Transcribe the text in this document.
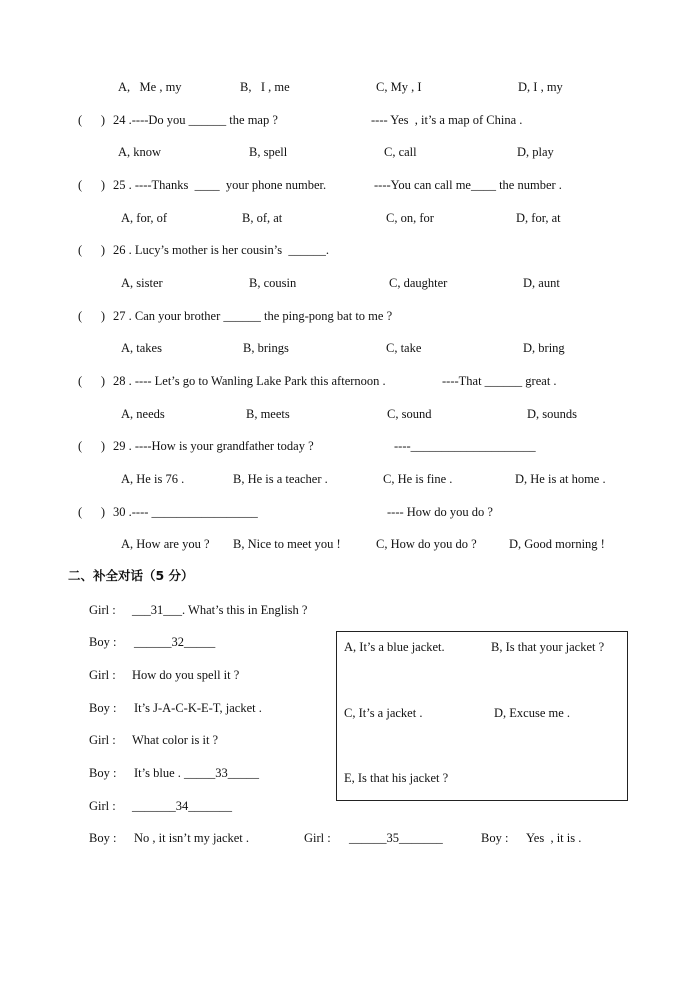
A,   Me , my	B,   I , me	C, My , I	D, I , my
(      ) 24 .----Do you ______ the map ?	---- Yes  , it’s a map of China .
A, know	B, spell	C, call	D, play
(      ) 25 . ----Thanks  ____  your phone number.	----You can call me____ the number .
A, for, of	B, of, at	C, on, for	D, for, at
(      ) 26 . Lucy’s mother is her cousin’s  ______.
A, sister	B, cousin	C, daughter	D, aunt
(      ) 27 . Can your brother ______ the ping-pong bat to me ?
A, takes	B, brings	C, take	D, bring
(      ) 28 . ---- Let’s go to Wanling Lake Park this afternoon .	----That ______ great .
A, needs	B, meets	C, sound	D, sounds
(      ) 29 . ----How is your grandfather today ?	----____________________
A, He is 76 .	B, He is a teacher .	C, He is fine .	D, He is at home .
(      ) 30 .---- _________________	---- How do you do ?
A, How are you ? B, Nice to meet you !	C, How do you do ?	D, Good morning !
二、补全对话（5 分）
Girl : ___31___. What’s this in English ?
Boy : ______32_____
Girl : How do you spell it ?
Boy : It’s J-A-C-K-E-T, jacket .
Girl : What color is it ?
Boy : It’s blue . _____33_____
Girl : _______34_______
Boy : No , it isn’t my jacket .	Girl : ______35_______	Boy : Yes  , it is .
A, It’s a blue jacket.	B, Is that your jacket ?
C, It’s a jacket .	D, Excuse me .
E, Is that his jacket ?
